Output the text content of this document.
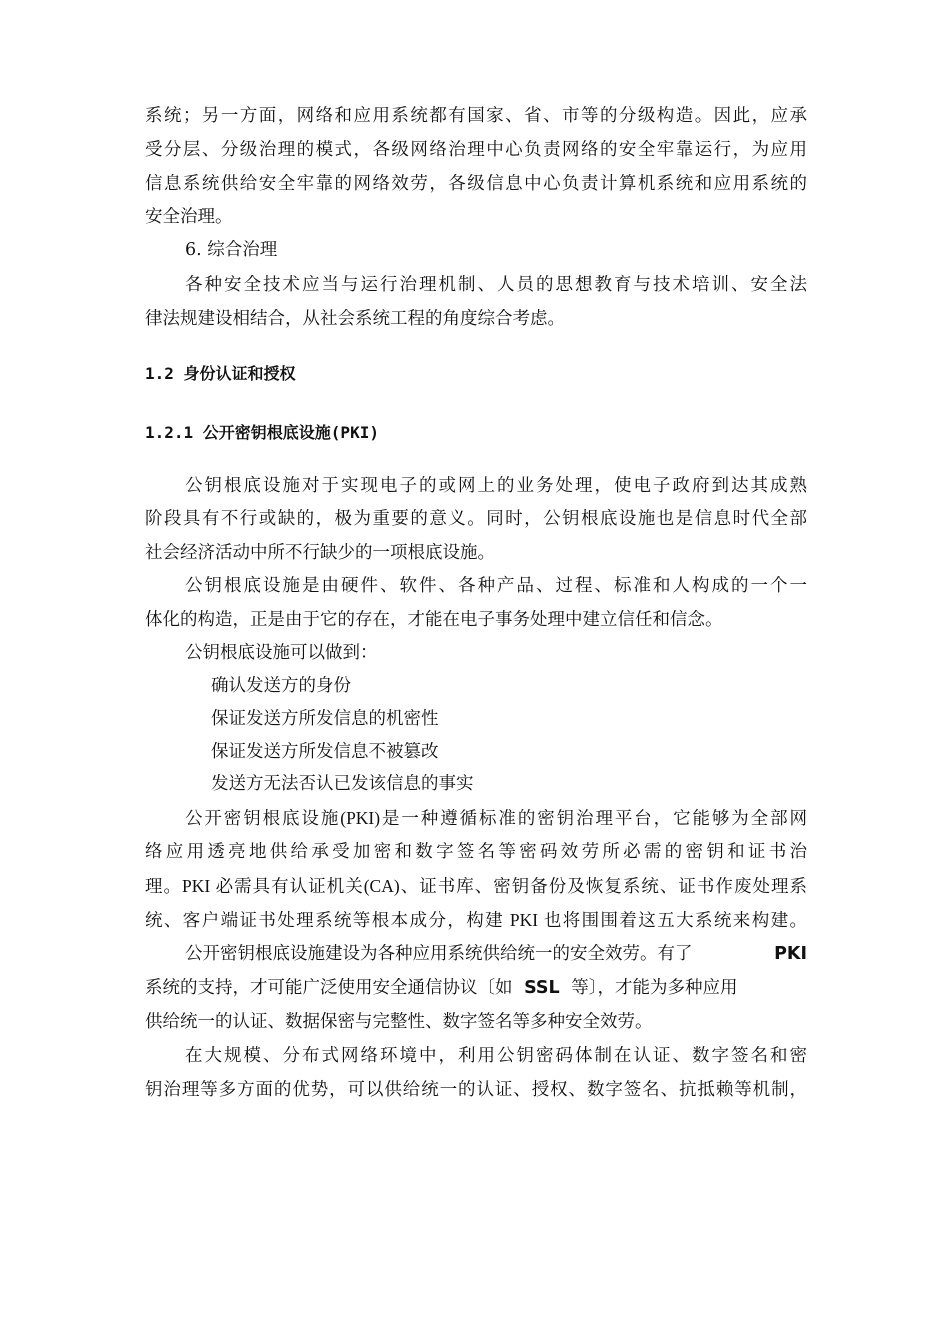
系统；另一方面，网络和应用系统都有国家、省、市等的分级构造。因此，应承

受分层、分级治理的模式，各级网络治理中心负责网络的安全牢靠运行，为应用

信息系统供给安全牢靠的网络效劳，各级信息中心负责计算机系统和应用系统的

安全治理。

6. 综合治理

各种安全技术应当与运行治理机制、人员的思想教育与技术培训、安全法

律法规建设相结合，从社会系统工程的角度综合考虑。

1.2 身份认证和授权

1.2.1 公开密钥根底设施(PKI)

公钥根底设施对于实现电子的或网上的业务处理，使电子政府到达其成熟

阶段具有不行或缺的，极为重要的意义。同时，公钥根底设施也是信息时代全部

社会经济活动中所不行缺少的一项根底设施。

公钥根底设施是由硬件、软件、各种产品、过程、标准和人构成的一个一

体化的构造，正是由于它的存在，才能在电子事务处理中建立信任和信念。

公钥根底设施可以做到：

确认发送方的身份

保证发送方所发信息的机密性

保证发送方所发信息不被篡改

发送方无法否认已发该信息的事实

公开密钥根底设施(PKI)是一种遵循标准的密钥治理平台，它能够为全部网

络应用透亮地供给承受加密和数字签名等密码效劳所必需的密钥和证书治

理。PKI 必需具有认证机关(CA)、证书库、密钥备份及恢复系统、证书作废处理系

统、客户端证书处理系统等根本成分，构建 PKI 也将围围着这五大系统来构建。

公开密钥根底设施建设为各种应用系统供给统一的安全效劳。有了	PKI

系统的支持，才可能广泛使用安全通信协议〔如 SSL 等〕，才能为多种应用

供给统一的认证、数据保密与完整性、数字签名等多种安全效劳。

在大规模、分布式网络环境中，利用公钥密码体制在认证、数字签名和密

钥治理等多方面的优势，可以供给统一的认证、授权、数字签名、抗抵赖等机制，
